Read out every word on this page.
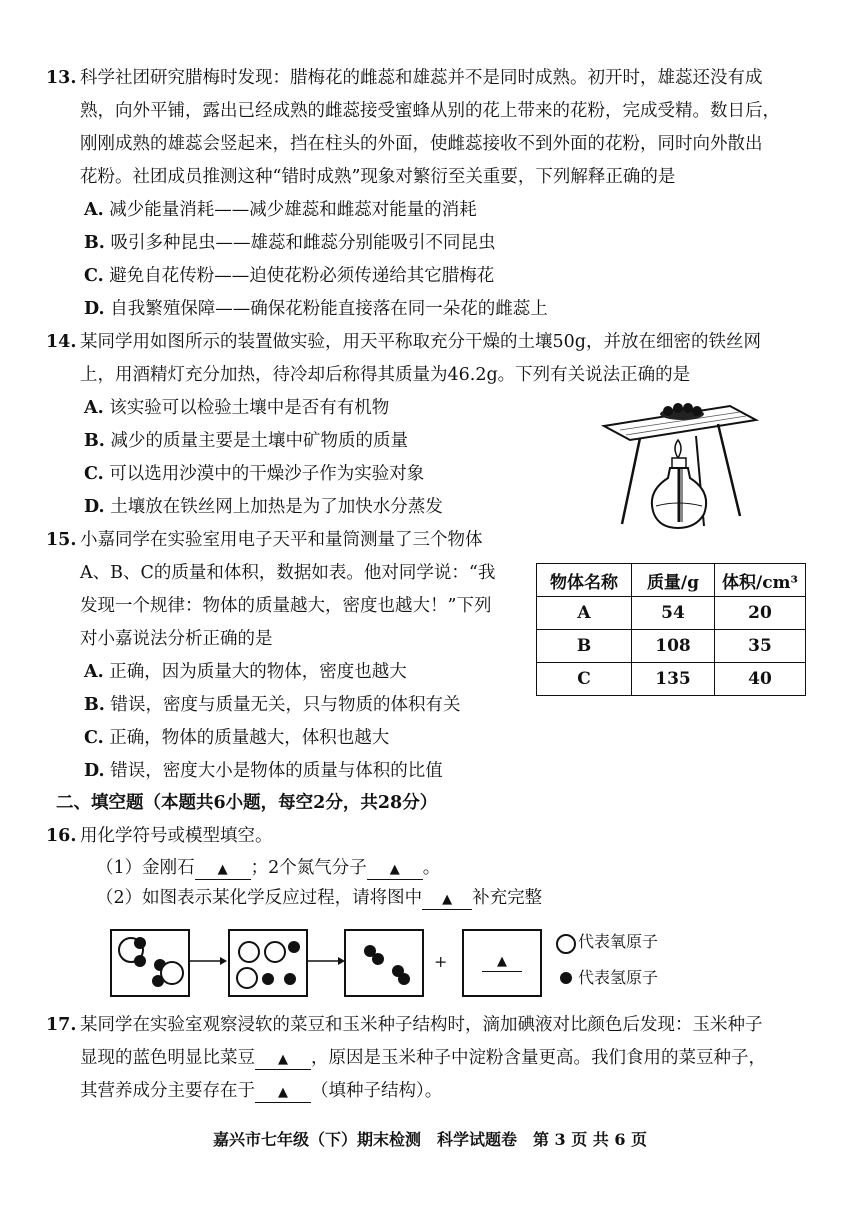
13. 科学社团研究腊梅时发现：腊梅花的雌蕊和雄蕊并不是同时成熟。初开时，雄蕊还没有成
熟，向外平铺，露出已经成熟的雌蕊接受蜜蜂从别的花上带来的花粉，完成受精。数日后，
刚刚成熟的雄蕊会竖起来，挡在柱头的外面，使雌蕊接收不到外面的花粉，同时向外散出
花粉。社团成员推测这种“错时成熟”现象对繁衍至关重要，下列解释正确的是
A. 减少能量消耗——减少雄蕊和雌蕊对能量的消耗
B. 吸引多种昆虫——雄蕊和雌蕊分别能吸引不同昆虫
C. 避免自花传粉——迫使花粉必须传递给其它腊梅花
D. 自我繁殖保障——确保花粉能直接落在同一朵花的雌蕊上
14. 某同学用如图所示的装置做实验，用天平称取充分干燥的土壤50g，并放在细密的铁丝网
上，用酒精灯充分加热，待冷却后称得其质量为46.2g。下列有关说法正确的是
A. 该实验可以检验土壤中是否有有机物
B. 减少的质量主要是土壤中矿物质的质量
C. 可以选用沙漠中的干燥沙子作为实验对象
D. 土壤放在铁丝网上加热是为了加快水分蒸发
15. 小嘉同学在实验室用电子天平和量筒测量了三个物体
A、B、C的质量和体积，数据如表。他对同学说：“我
发现一个规律：物体的质量越大，密度也越大！”下列
对小嘉说法分析正确的是
A. 正确，因为质量大的物体，密度也越大
B. 错误，密度与质量无关，只与物质的体积有关
C. 正确，物体的质量越大，体积也越大
D. 错误，密度大小是物体的质量与体积的比值
物体名称	质量/g	体积/cm³
A	54	20
B	108	35
C	135	40
二、填空题（本题共6小题，每空2分，共28分）
16. 用化学符号或模型填空。
（1）金刚石 ▲ ；2个氮气分子 ▲ 。
（2）如图表示某化学反应过程，请将图中 ▲ 补充完整
+	▲
代表氧原子
代表氢原子
17. 某同学在实验室观察浸软的菜豆和玉米种子结构时，滴加碘液对比颜色后发现：玉米种子
显现的蓝色明显比菜豆 ▲ ，原因是玉米种子中淀粉含量更高。我们食用的菜豆种子，
其营养成分主要存在于 ▲ （填种子结构）。
嘉兴市七年级（下）期末检测　科学试题卷　第 3 页 共 6 页
